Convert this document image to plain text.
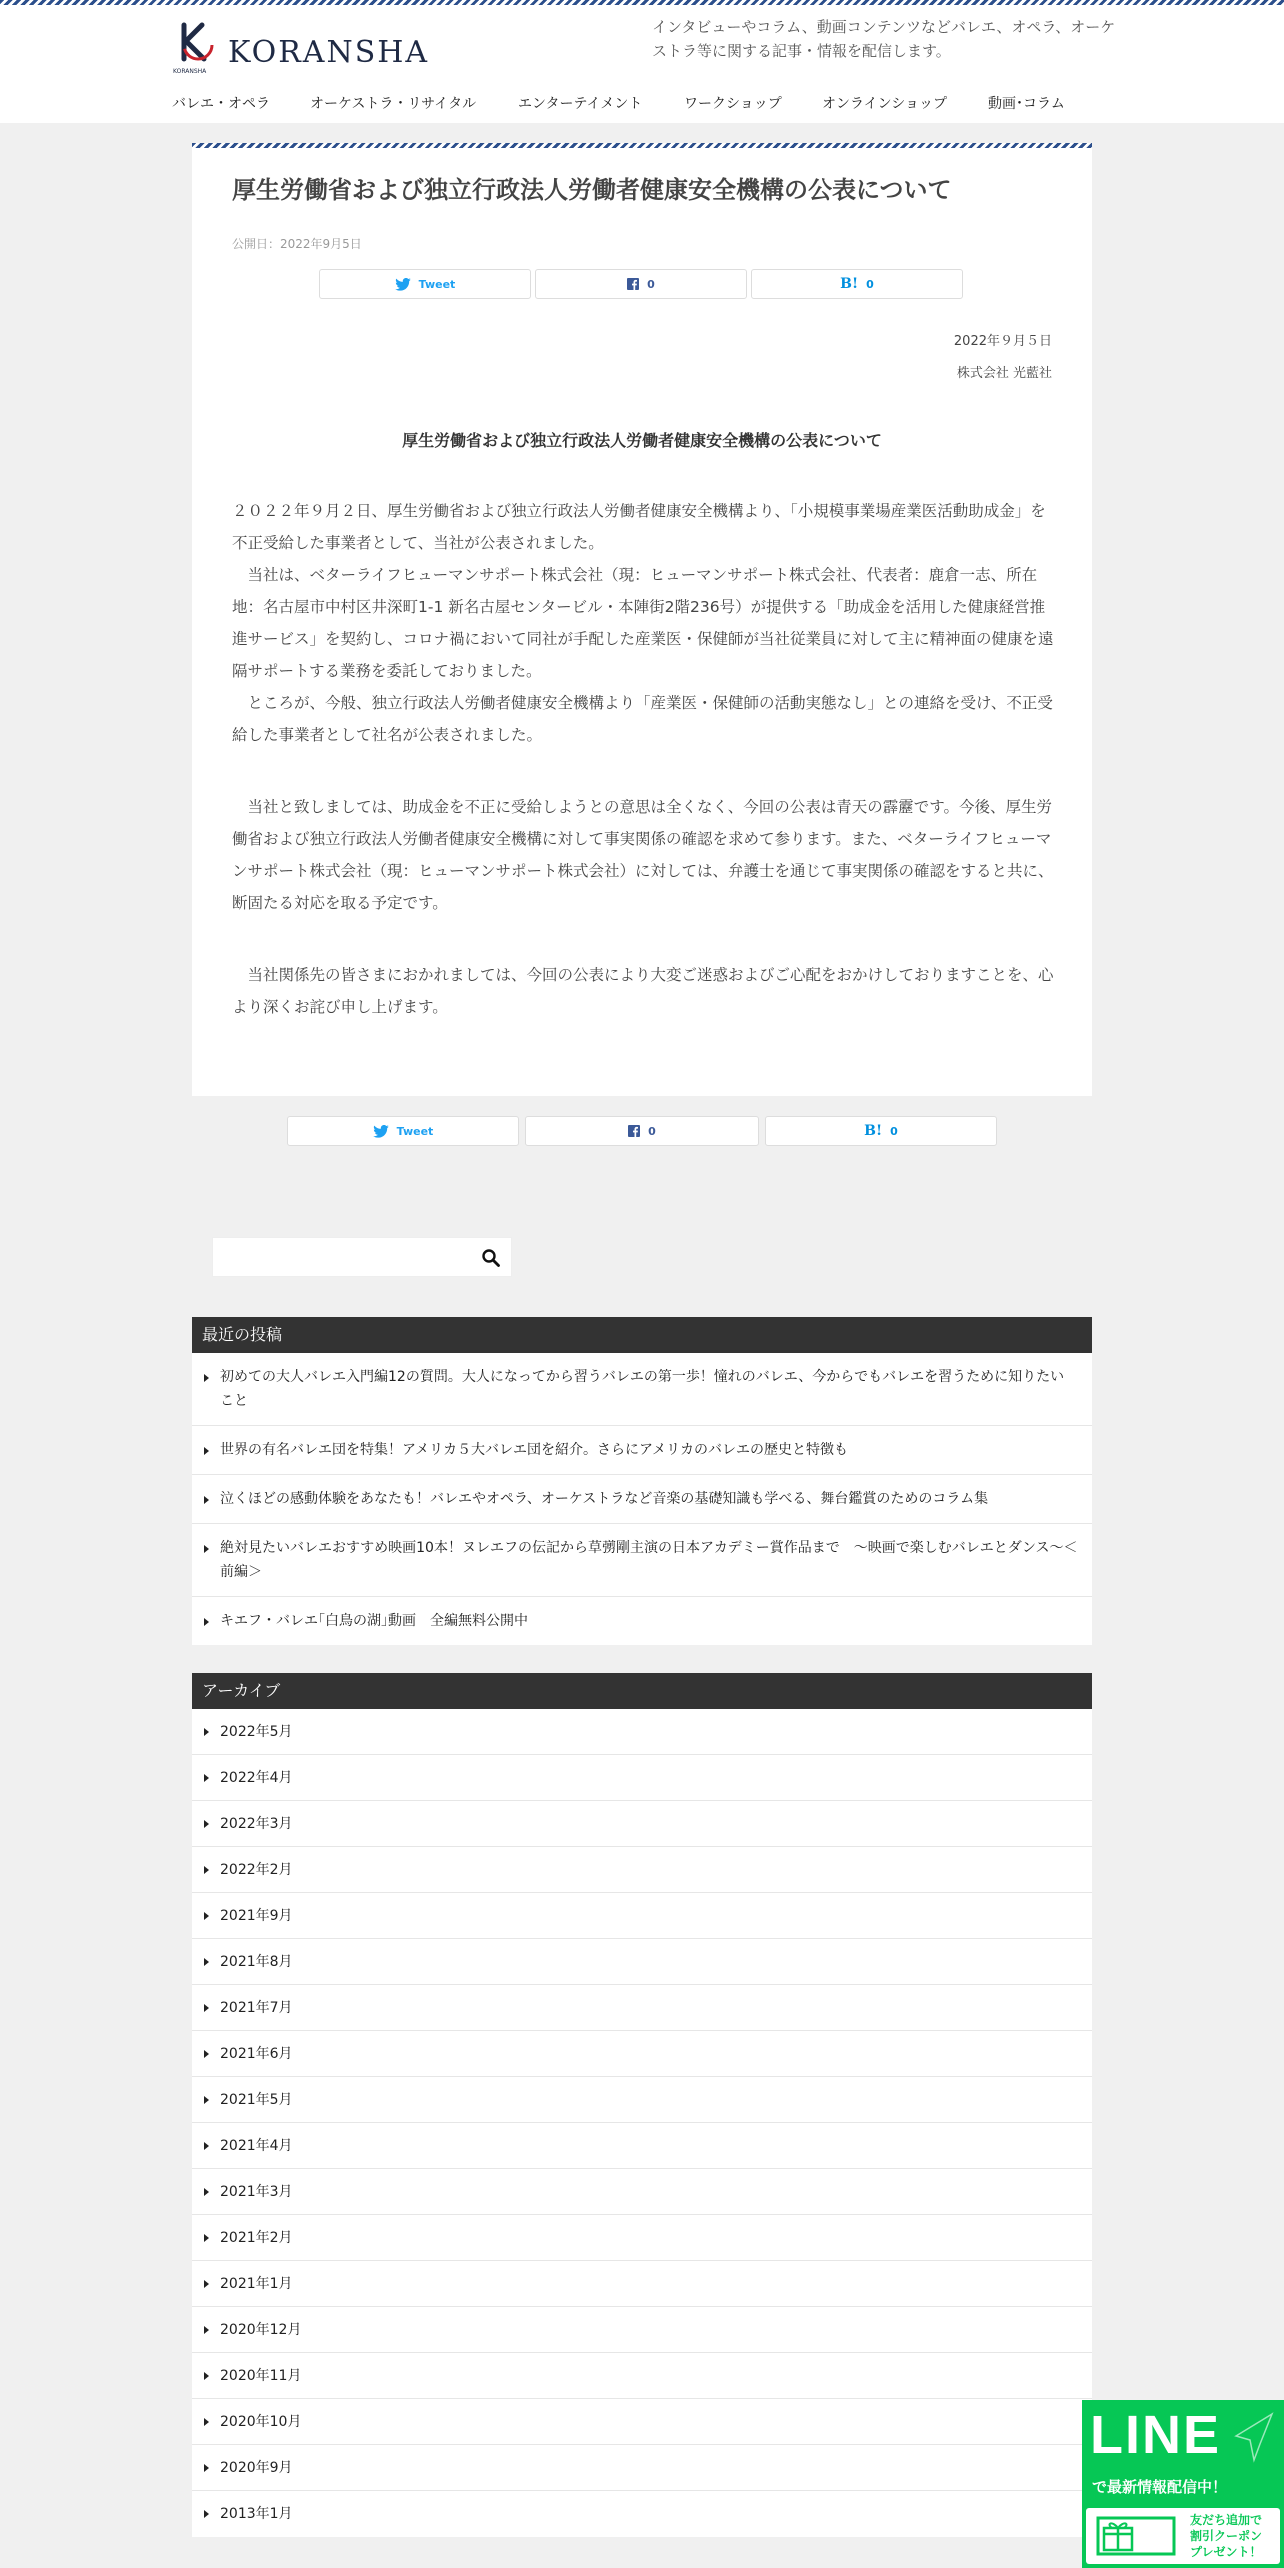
KORANSHA
KORANSHA
インタビューやコラム、動画コンテンツなどバレエ、オペラ、オーケストラ等に関する記事・情報を配信します。
バレエ・オペラ	オーケストラ・リサイタル	エンターテイメント	ワークショップ	オンラインショップ	動画･コラム
厚生労働省および独立行政法人労働者健康安全機構の公表について
公開日：2022年9月5日
Tweet	0	B! 0
2022年９月５日
株式会社 光藍社
厚生労働省および独立行政法人労働者健康安全機構の公表について

２０２２年９月２日、厚生労働省および独立行政法人労働者健康安全機構より、「小規模事業場産業医活動助成金」を不正受給した事業者として、当社が公表されました。

　当社は、ベターライフヒューマンサポート株式会社（現：ヒューマンサポート株式会社、代表者：鹿倉一志、所在地：名古屋市中村区井深町1-1 新名古屋センタービル・本陣街2階236号）が提供する「助成金を活用した健康経営推進サービス」を契約し、コロナ禍において同社が手配した産業医・保健師が当社従業員に対して主に精神面の健康を遠隔サポートする業務を委託しておりました。

　ところが、今般、独立行政法人労働者健康安全機構より「産業医・保健師の活動実態なし」との連絡を受け、不正受給した事業者として社名が公表されました。

　当社と致しましては、助成金を不正に受給しようとの意思は全くなく、今回の公表は青天の霹靂です。今後、厚生労働省および独立行政法人労働者健康安全機構に対して事実関係の確認を求めて参ります。また、ベターライフヒューマンサポート株式会社（現：ヒューマンサポート株式会社）に対しては、弁護士を通じて事実関係の確認をすると共に、断固たる対応を取る予定です。

　当社関係先の皆さまにおかれましては、今回の公表により大変ご迷惑およびご心配をおかけしておりますことを、心より深くお詫び申し上げます。

Tweet	0	B! 0
最近の投稿
初めての大人バレエ入門編12の質問。大人になってから習うバレエの第一歩！憧れのバレエ、今からでもバレエを習うために知りたいこと
世界の有名バレエ団を特集！アメリカ５大バレエ団を紹介。さらにアメリカのバレエの歴史と特徴も
泣くほどの感動体験をあなたも！バレエやオペラ、オーケストラなど音楽の基礎知識も学べる、舞台鑑賞のためのコラム集
絶対見たいバレエおすすめ映画10本！ヌレエフの伝記から草彅剛主演の日本アカデミー賞作品まで　～映画で楽しむバレエとダンス～＜前編＞
キエフ・バレエ｢白鳥の湖｣動画　全編無料公開中
アーカイブ
2022年5月
2022年4月
2022年3月
2022年2月
2021年9月
2021年8月
2021年7月
2021年6月
2021年5月
2021年4月
2021年3月
2021年2月
2021年1月
2020年12月
2020年11月
2020年10月
2020年9月
2013年1月
LINE
で最新情報配信中！
友だち追加で
割引クーポン
プレゼント！
